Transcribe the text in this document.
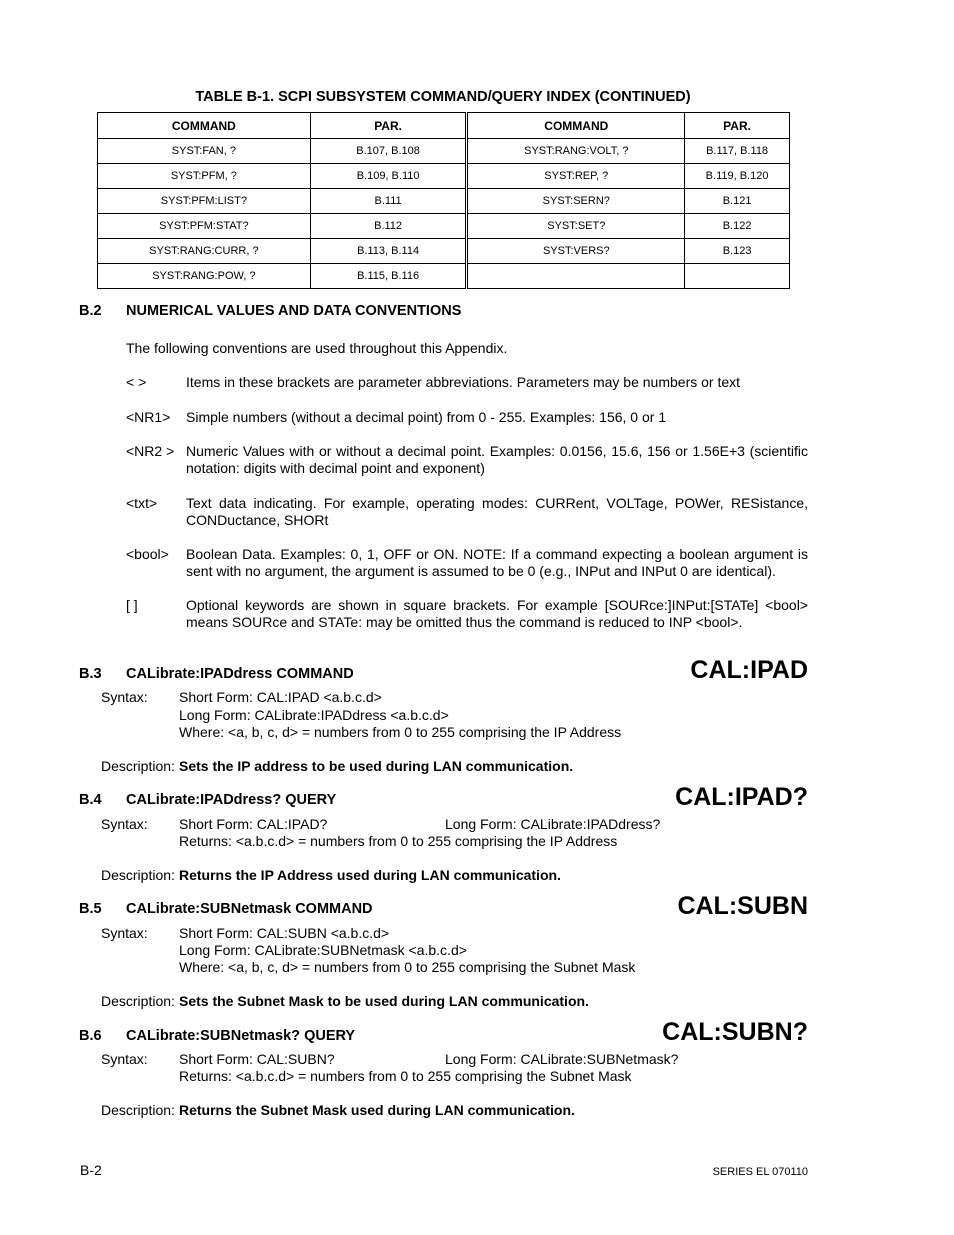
TABLE B-1. SCPI SUBSYSTEM COMMAND/QUERY INDEX (CONTINUED)
COMMAND	PAR.	COMMAND	PAR.
SYST:FAN, ?	B.107, B.108	SYST:RANG:VOLT, ?	B.117, B.118
SYST:PFM, ?	B.109, B.110	SYST:REP, ?	B.119, B.120
SYST:PFM:LIST?	B.111	SYST:SERN?	B.121
SYST:PFM:STAT?	B.112	SYST:SET?	B.122
SYST:RANG:CURR, ?	B.113, B.114	SYST:VERS?	B.123
SYST:RANG:POW, ?	B.115, B.116		
B.2 NUMERICAL VALUES AND DATA CONVENTIONS
The following conventions are used throughout this Appendix.
< >	Items in these brackets are parameter abbreviations. Parameters may be numbers or text
<NR1> Simple numbers (without a decimal point) from 0 - 255. Examples: 156, 0 or 1
<NR2 > Numeric Values with or without a decimal point. Examples: 0.0156, 15.6, 156 or 1.56E+3 (scientific notation: digits with decimal point and exponent)
<txt> Text data indicating. For example, operating modes: CURRent, VOLTage, POWer, RESistance, CONDuctance, SHORt
<bool> Boolean Data. Examples: 0, 1, OFF or ON. NOTE: If a command expecting a boolean argument is sent with no argument, the argument is assumed to be 0 (e.g., INPut and INPut 0 are identical).
[ ]	Optional keywords are shown in square brackets. For example [SOURce:]INPut:[STATe] <bool> means SOURce and STATe: may be omitted thus the command is reduced to INP <bool>.
B.3 CALibrate:IPADdress COMMAND	CAL:IPAD
Syntax: Short Form: CAL:IPAD <a.b.c.d>
Long Form: CALibrate:IPADdress <a.b.c.d>
Where: <a, b, c, d> = numbers from 0 to 255 comprising the IP Address
Description: Sets the IP address to be used during LAN communication.
B.4 CALibrate:IPADdress? QUERY	CAL:IPAD?
Syntax: Short Form: CAL:IPAD?	Long Form: CALibrate:IPADdress?
Returns: <a.b.c.d> = numbers from 0 to 255 comprising the IP Address
Description: Returns the IP Address used during LAN communication.
B.5 CALibrate:SUBNetmask COMMAND	CAL:SUBN
Syntax: Short Form: CAL:SUBN <a.b.c.d>
Long Form: CALibrate:SUBNetmask <a.b.c.d>
Where: <a, b, c, d> = numbers from 0 to 255 comprising the Subnet Mask
Description: Sets the Subnet Mask to be used during LAN communication.
B.6 CALibrate:SUBNetmask? QUERY	CAL:SUBN?
Syntax: Short Form: CAL:SUBN?	Long Form: CALibrate:SUBNetmask?
Returns: <a.b.c.d> = numbers from 0 to 255 comprising the Subnet Mask
Description: Returns the Subnet Mask used during LAN communication.
B-2	SERIES EL 070110
